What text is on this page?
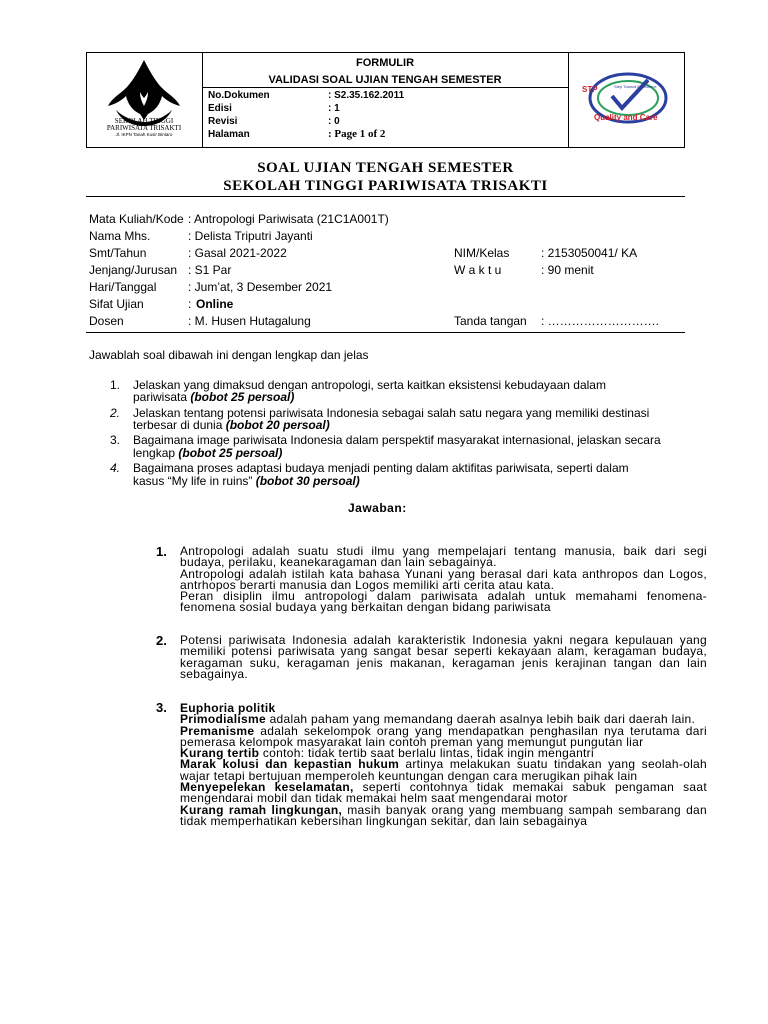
SEKOLAH TINGGI
PARIWISATA TRISAKTI
Jl. IKPN Tanah Kusir Bintaro
STP	Step Toward Excellence
Quality and Care
FORMULIR
VALIDASI SOAL UJIAN TENGAH SEMESTER
No.Dokumen	: S2.35.162.2011
Edisi	: 1
Revisi	: 0
Halaman	: Page 1 of 2
SOAL UJIAN TENGAH SEMESTER
SEKOLAH TINGGI PARIWISATA TRISAKTI
Mata Kuliah/Kode : Antropologi Pariwisata (21C1A001T)
Nama Mhs.	: Delista Triputri Jayanti
Smt/Tahun	: Gasal 2021-2022	NIM/Kelas	: 2153050041/ KA
Jenjang/Jurusan : S1 Par	W a k t u	: 90 menit
Hari/Tanggal	: Jum’at, 3 Desember 2021
Sifat Ujian	: Online
Dosen	: M. Husen Hutagalung	Tanda tangan : ……………………….
Jawablah soal dibawah ini dengan lengkap dan jelas
1. Jelaskan yang dimaksud dengan antropologi, serta kaitkan eksistensi kebudayaan dalam
pariwisata (bobot 25 persoal)
2. Jelaskan tentang potensi pariwisata Indonesia sebagai salah satu negara yang memiliki destinasi
terbesar di dunia (bobot 20 persoal)
3. Bagaimana image pariwisata Indonesia dalam perspektif masyarakat internasional, jelaskan secara
lengkap (bobot 25 persoal)
4. Bagaimana proses adaptasi budaya menjadi penting dalam aktifitas pariwisata, seperti dalam
kasus “My life in ruins” (bobot 30 persoal)
Jawaban:
1. Antropologi adalah suatu studi ilmu yang mempelajari tentang manusia, baik dari segi budaya, perilaku, keanekaragaman dan lain sebagainya.

Antropologi adalah istilah kata bahasa Yunani yang berasal dari kata anthropos dan Logos, antrhopos berarti manusia dan Logos memiliki arti cerita atau kata.

Peran disiplin ilmu antropologi dalam pariwisata adalah untuk memahami fenomena-fenomena sosial budaya yang berkaitan dengan bidang pariwisata

2. Potensi pariwisata Indonesia adalah karakteristik Indonesia yakni negara kepulauan yang memiliki potensi pariwisata yang sangat besar seperti kekayaan alam, keragaman budaya, keragaman suku, keragaman jenis makanan, keragaman jenis kerajinan tangan dan lain sebagainya.

3. Euphoria politik

Primodialisme adalah paham yang memandang daerah asalnya lebih baik dari daerah lain.

Premanisme adalah sekelompok orang yang mendapatkan penghasilan nya terutama dari pemerasa kelompok masyarakat lain contoh preman yang memungut pungutan liar

Kurang tertib contoh: tidak tertib saat berlalu lintas, tidak ingin mengantri

Marak kolusi dan kepastian hukum artinya melakukan suatu tindakan yang seolah-olah wajar tetapi bertujuan memperoleh keuntungan dengan cara merugikan pihak lain

Menyepelekan keselamatan, seperti contohnya tidak memakai sabuk pengaman saat mengendarai mobil dan tidak memakai helm saat mengendarai motor

Kurang ramah lingkungan, masih banyak orang yang membuang sampah sembarang dan tidak memperhatikan kebersihan lingkungan sekitar, dan lain sebagainya
